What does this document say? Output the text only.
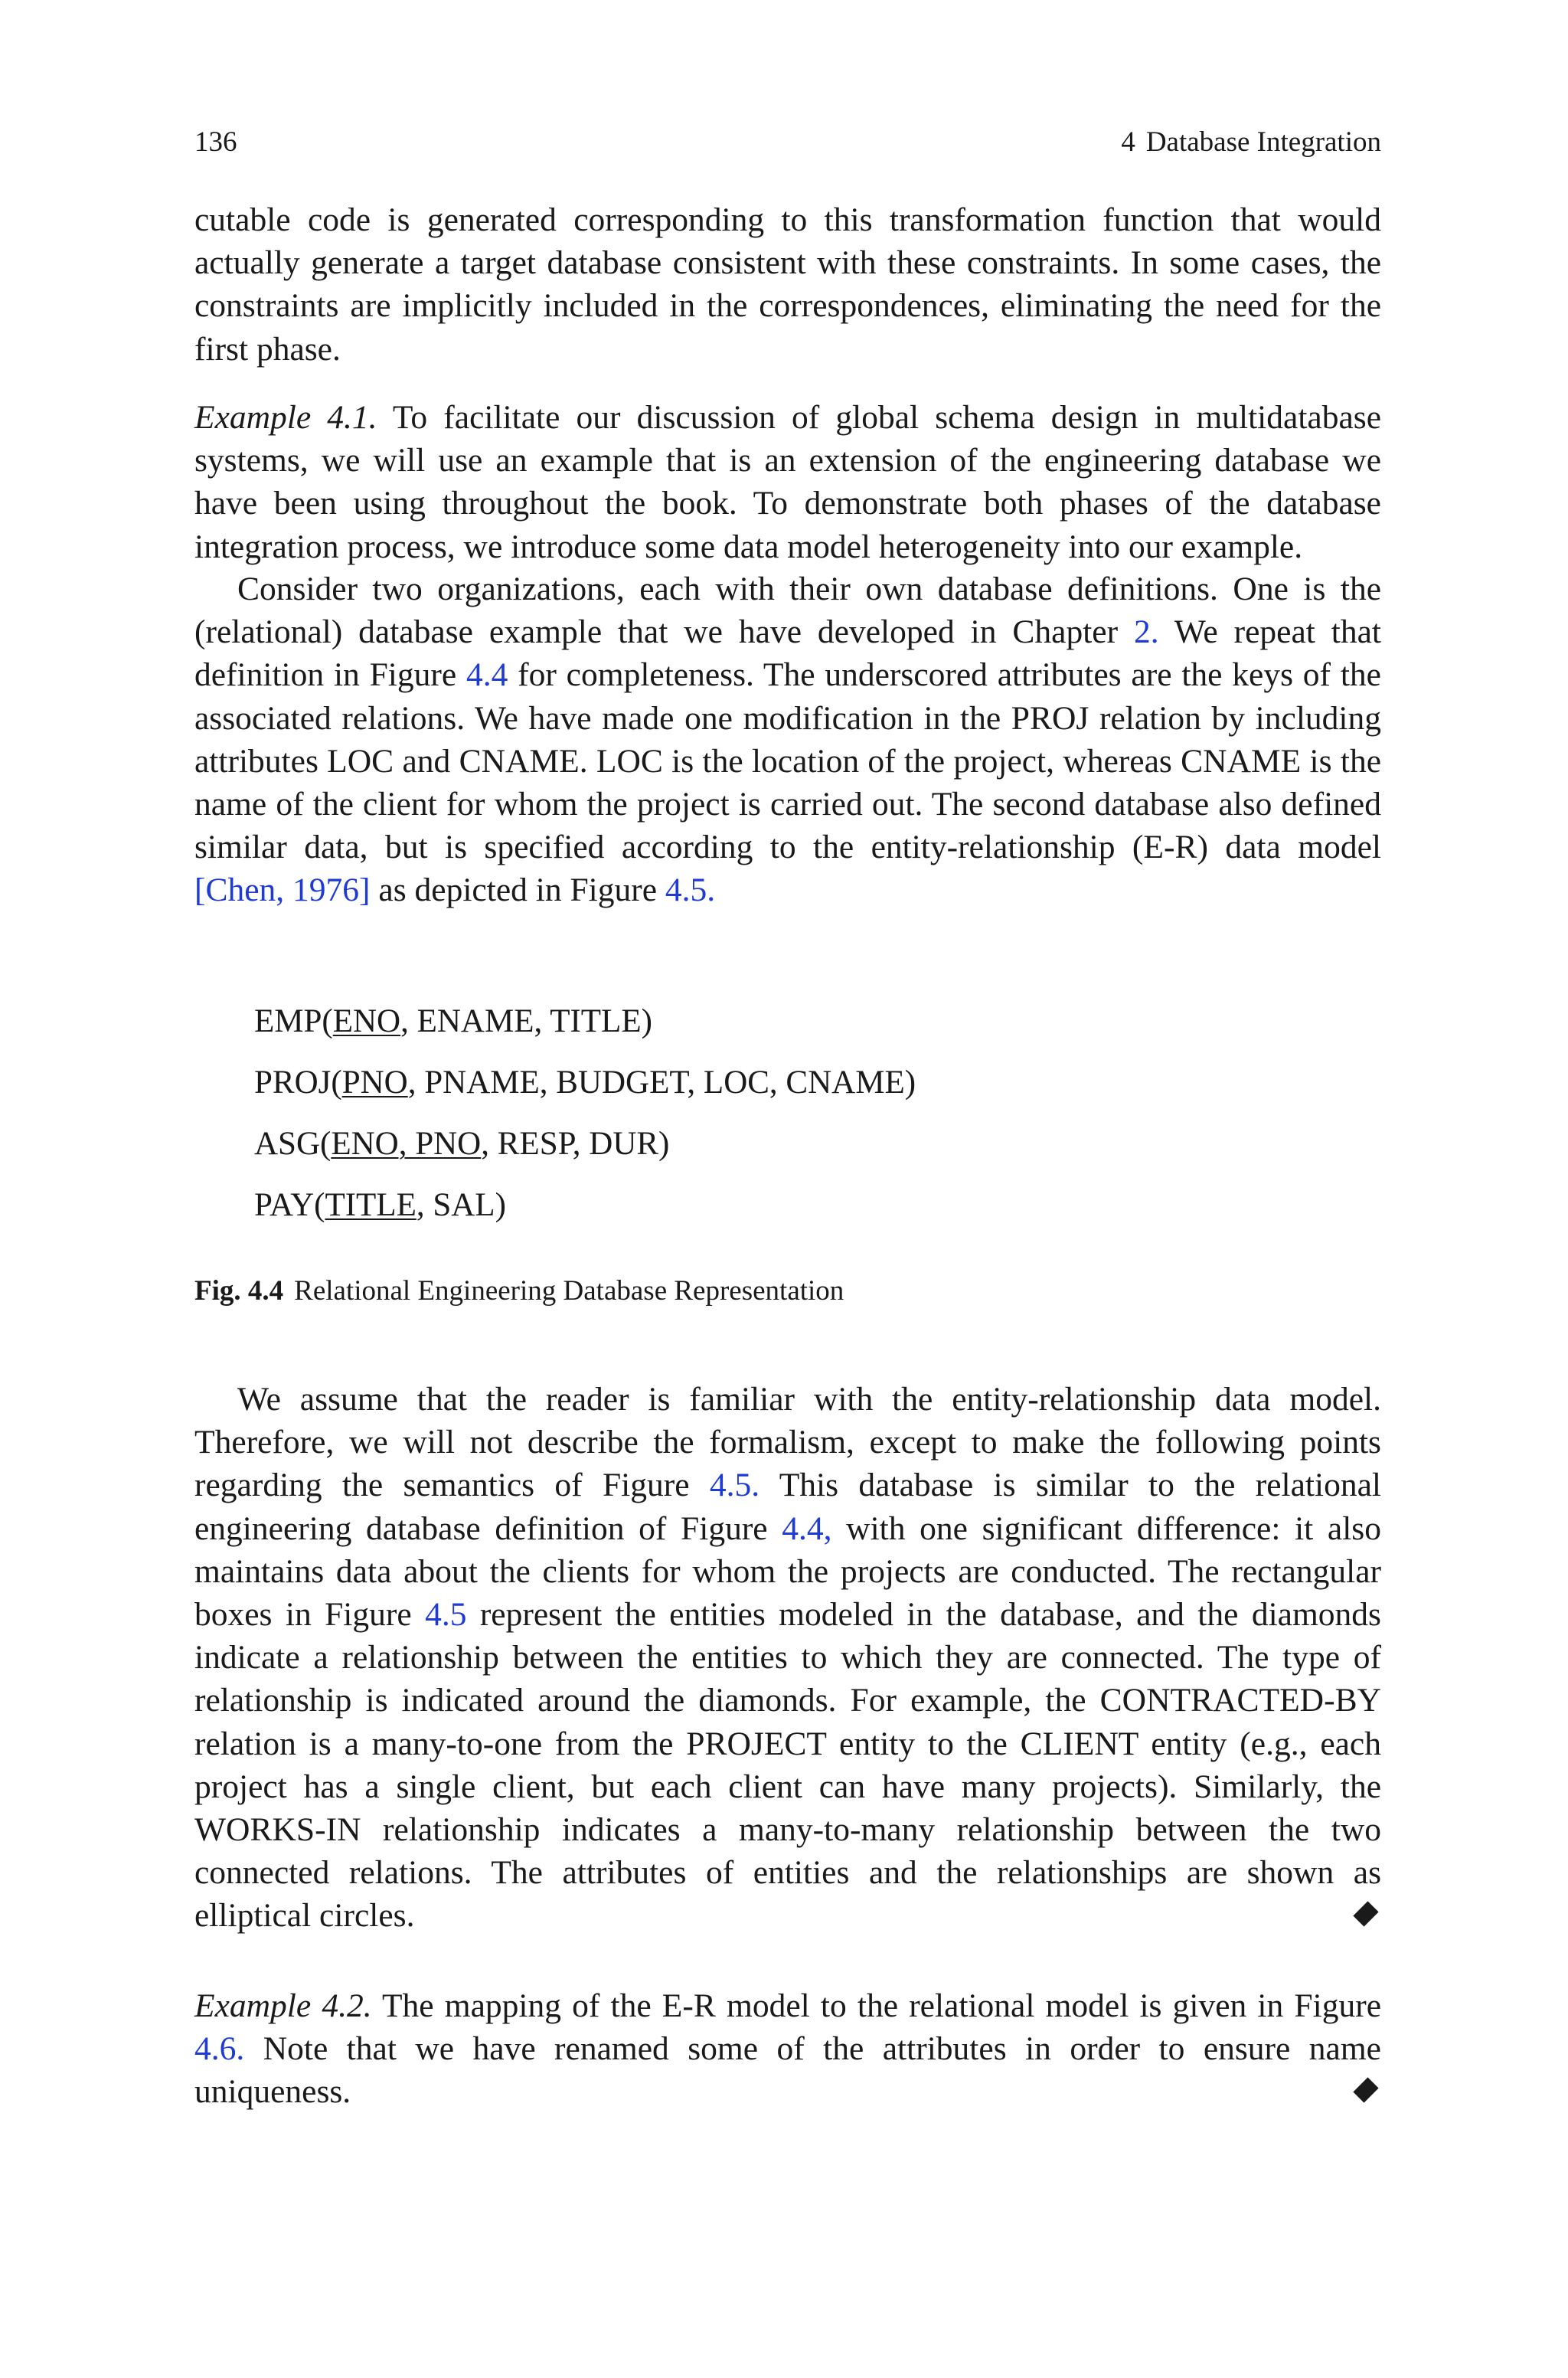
136	4 Database Integration

cutable code is generated corresponding to this transformation function that would actually generate a target database consistent with these constraints. In some cases, the constraints are implicitly included in the correspondences, eliminating the need for the first phase.

Example 4.1. To facilitate our discussion of global schema design in multidatabase systems, we will use an example that is an extension of the engineering database we have been using throughout the book. To demonstrate both phases of the database integration process, we introduce some data model heterogeneity into our example.

Consider two organizations, each with their own database definitions. One is the (relational) database example that we have developed in Chapter 2. We repeat that definition in Figure 4.4 for completeness. The underscored attributes are the keys of the associated relations. We have made one modification in the PROJ relation by including attributes LOC and CNAME. LOC is the location of the project, whereas CNAME is the name of the client for whom the project is carried out. The second database also defined similar data, but is specified according to the entity-relationship (E-R) data model [Chen, 1976] as depicted in Figure 4.5.

EMP(ENO, ENAME, TITLE)
PROJ(PNO, PNAME, BUDGET, LOC, CNAME)
ASG(ENO, PNO, RESP, DUR)
PAY(TITLE, SAL)
Fig. 4.4 Relational Engineering Database Representation

We assume that the reader is familiar with the entity-relationship data model. Therefore, we will not describe the formalism, except to make the following points regarding the semantics of Figure 4.5. This database is similar to the relational engineering database definition of Figure 4.4, with one significant difference: it also maintains data about the clients for whom the projects are conducted. The rectangular boxes in Figure 4.5 represent the entities modeled in the database, and the diamonds indicate a relationship between the entities to which they are connected. The type of relationship is indicated around the diamonds. For example, the CONTRACTED-BY relation is a many-to-one from the PROJECT entity to the CLIENT entity (e.g., each project has a single client, but each client can have many projects). Similarly, the WORKS-IN relationship indicates a many-to-many relationship between the two connected relations. The attributes of entities and the relationships are shown as elliptical circles.

Example 4.2. The mapping of the E-R model to the relational model is given in Figure 4.6. Note that we have renamed some of the attributes in order to ensure name uniqueness.
